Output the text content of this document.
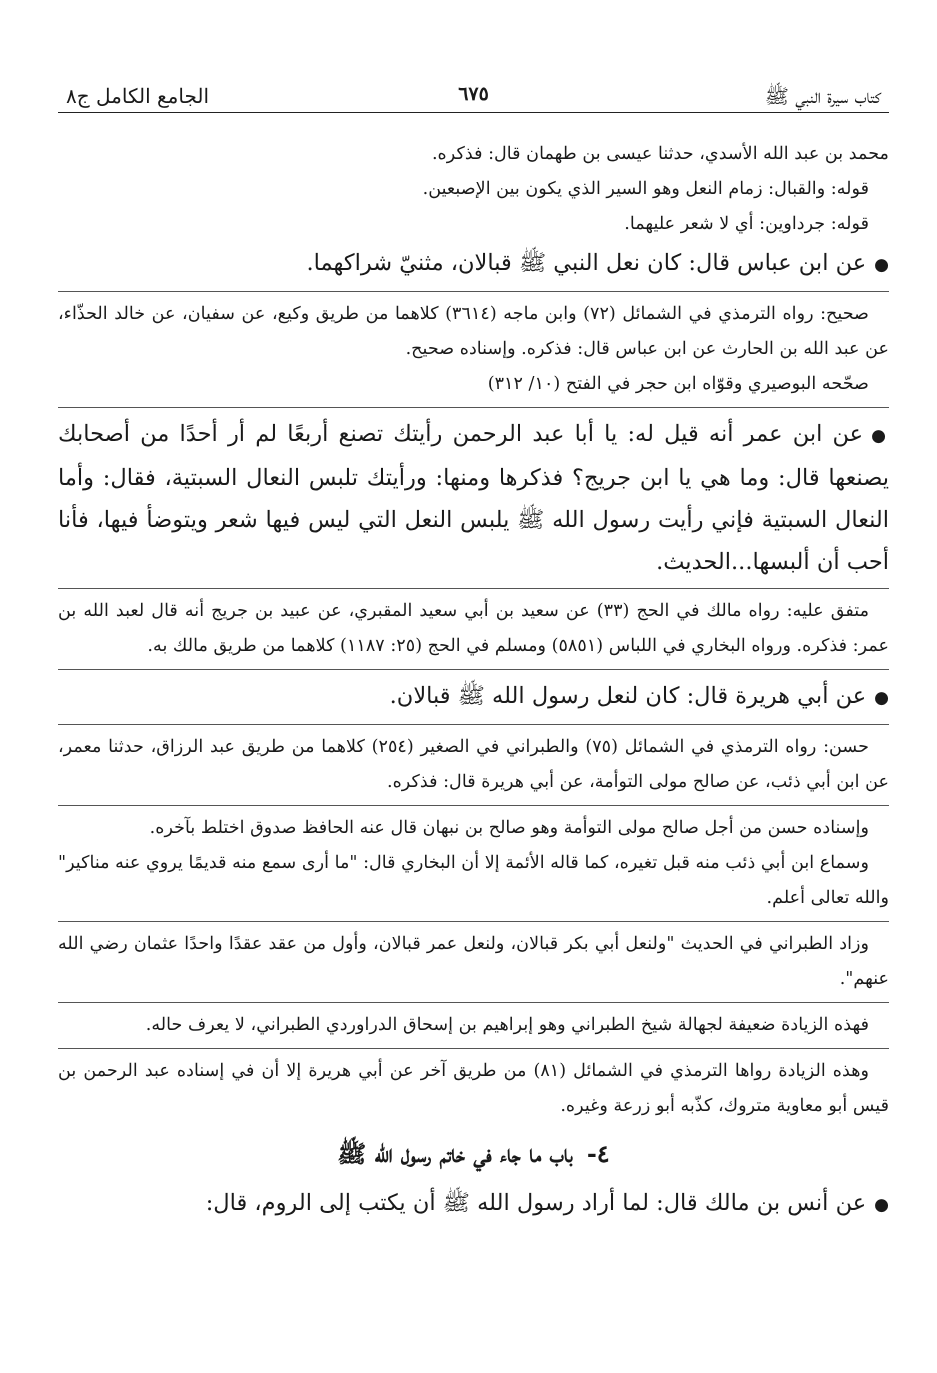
كتاب سيرة النبي ﷺ
٦٧٥
الجامع الكامل ج٨

محمد بن عبد الله الأسدي، حدثنا عيسى بن طهمان قال: فذكره.

قوله: والقبال: زمام النعل وهو السير الذي يكون بين الإصبعين.

قوله: جرداوين: أي لا شعر عليهما.

●عن ابن عباس قال: كان نعل النبي ﷺ قبالان، مثنيّ شراكهما.

صحيح: رواه الترمذي في الشمائل (٧٢) وابن ماجه (٣٦١٤) كلاهما من طريق وكيع، عن سفيان، عن خالد الحذّاء، عن عبد الله بن الحارث عن ابن عباس قال: فذكره. وإسناده صحيح.

صحّحه البوصيري وقوّاه ابن حجر في الفتح (١٠/ ٣١٢)

●عن ابن عمر أنه قيل له: يا أبا عبد الرحمن رأيتك تصنع أربعًا لم أر أحدًا من أصحابك يصنعها قال: وما هي يا ابن جريج؟ فذكرها ومنها: ورأيتك تلبس النعال السبتية، فقال: وأما النعال السبتية فإني رأيت رسول الله ﷺ يلبس النعل التي ليس فيها شعر ويتوضأ فيها، فأنا أحب أن ألبسها...الحديث.

متفق عليه: رواه مالك في الحج (٣٣) عن سعيد بن أبي سعيد المقبري، عن عبيد بن جريج أنه قال لعبد الله بن عمر: فذكره. ورواه البخاري في اللباس (٥٨٥١) ومسلم في الحج (٢٥: ١١٨٧) كلاهما من طريق مالك به.

●عن أبي هريرة قال: كان لنعل رسول الله ﷺ قبالان.

حسن: رواه الترمذي في الشمائل (٧٥) والطبراني في الصغير (٢٥٤) كلاهما من طريق عبد الرزاق، حدثنا معمر، عن ابن أبي ذئب، عن صالح مولى التوأمة، عن أبي هريرة قال: فذكره.

وإسناده حسن من أجل صالح مولى التوأمة وهو صالح بن نبهان قال عنه الحافظ صدوق اختلط بآخره.

وسماع ابن أبي ذئب منه قبل تغيره، كما قاله الأئمة إلا أن البخاري قال: "ما أرى سمع منه قديمًا يروي عنه مناكير" والله تعالى أعلم.

وزاد الطبراني في الحديث "ولنعل أبي بكر قبالان، ولنعل عمر قبالان، وأول من عقد عقدًا واحدًا عثمان رضي الله عنهم".

فهذه الزيادة ضعيفة لجهالة شيخ الطبراني وهو إبراهيم بن إسحاق الدراوردي الطبراني، لا يعرف حاله.

وهذه الزيادة رواها الترمذي في الشمائل (٨١) من طريق آخر عن أبي هريرة إلا أن في إسناده عبد الرحمن بن قيس أبو معاوية متروك، كذّبه أبو زرعة وغيره.

٤-باب ما جاء في خاتم رسول الله ﷺ

●عن أنس بن مالك قال: لما أراد رسول الله ﷺ أن يكتب إلى الروم، قال:
